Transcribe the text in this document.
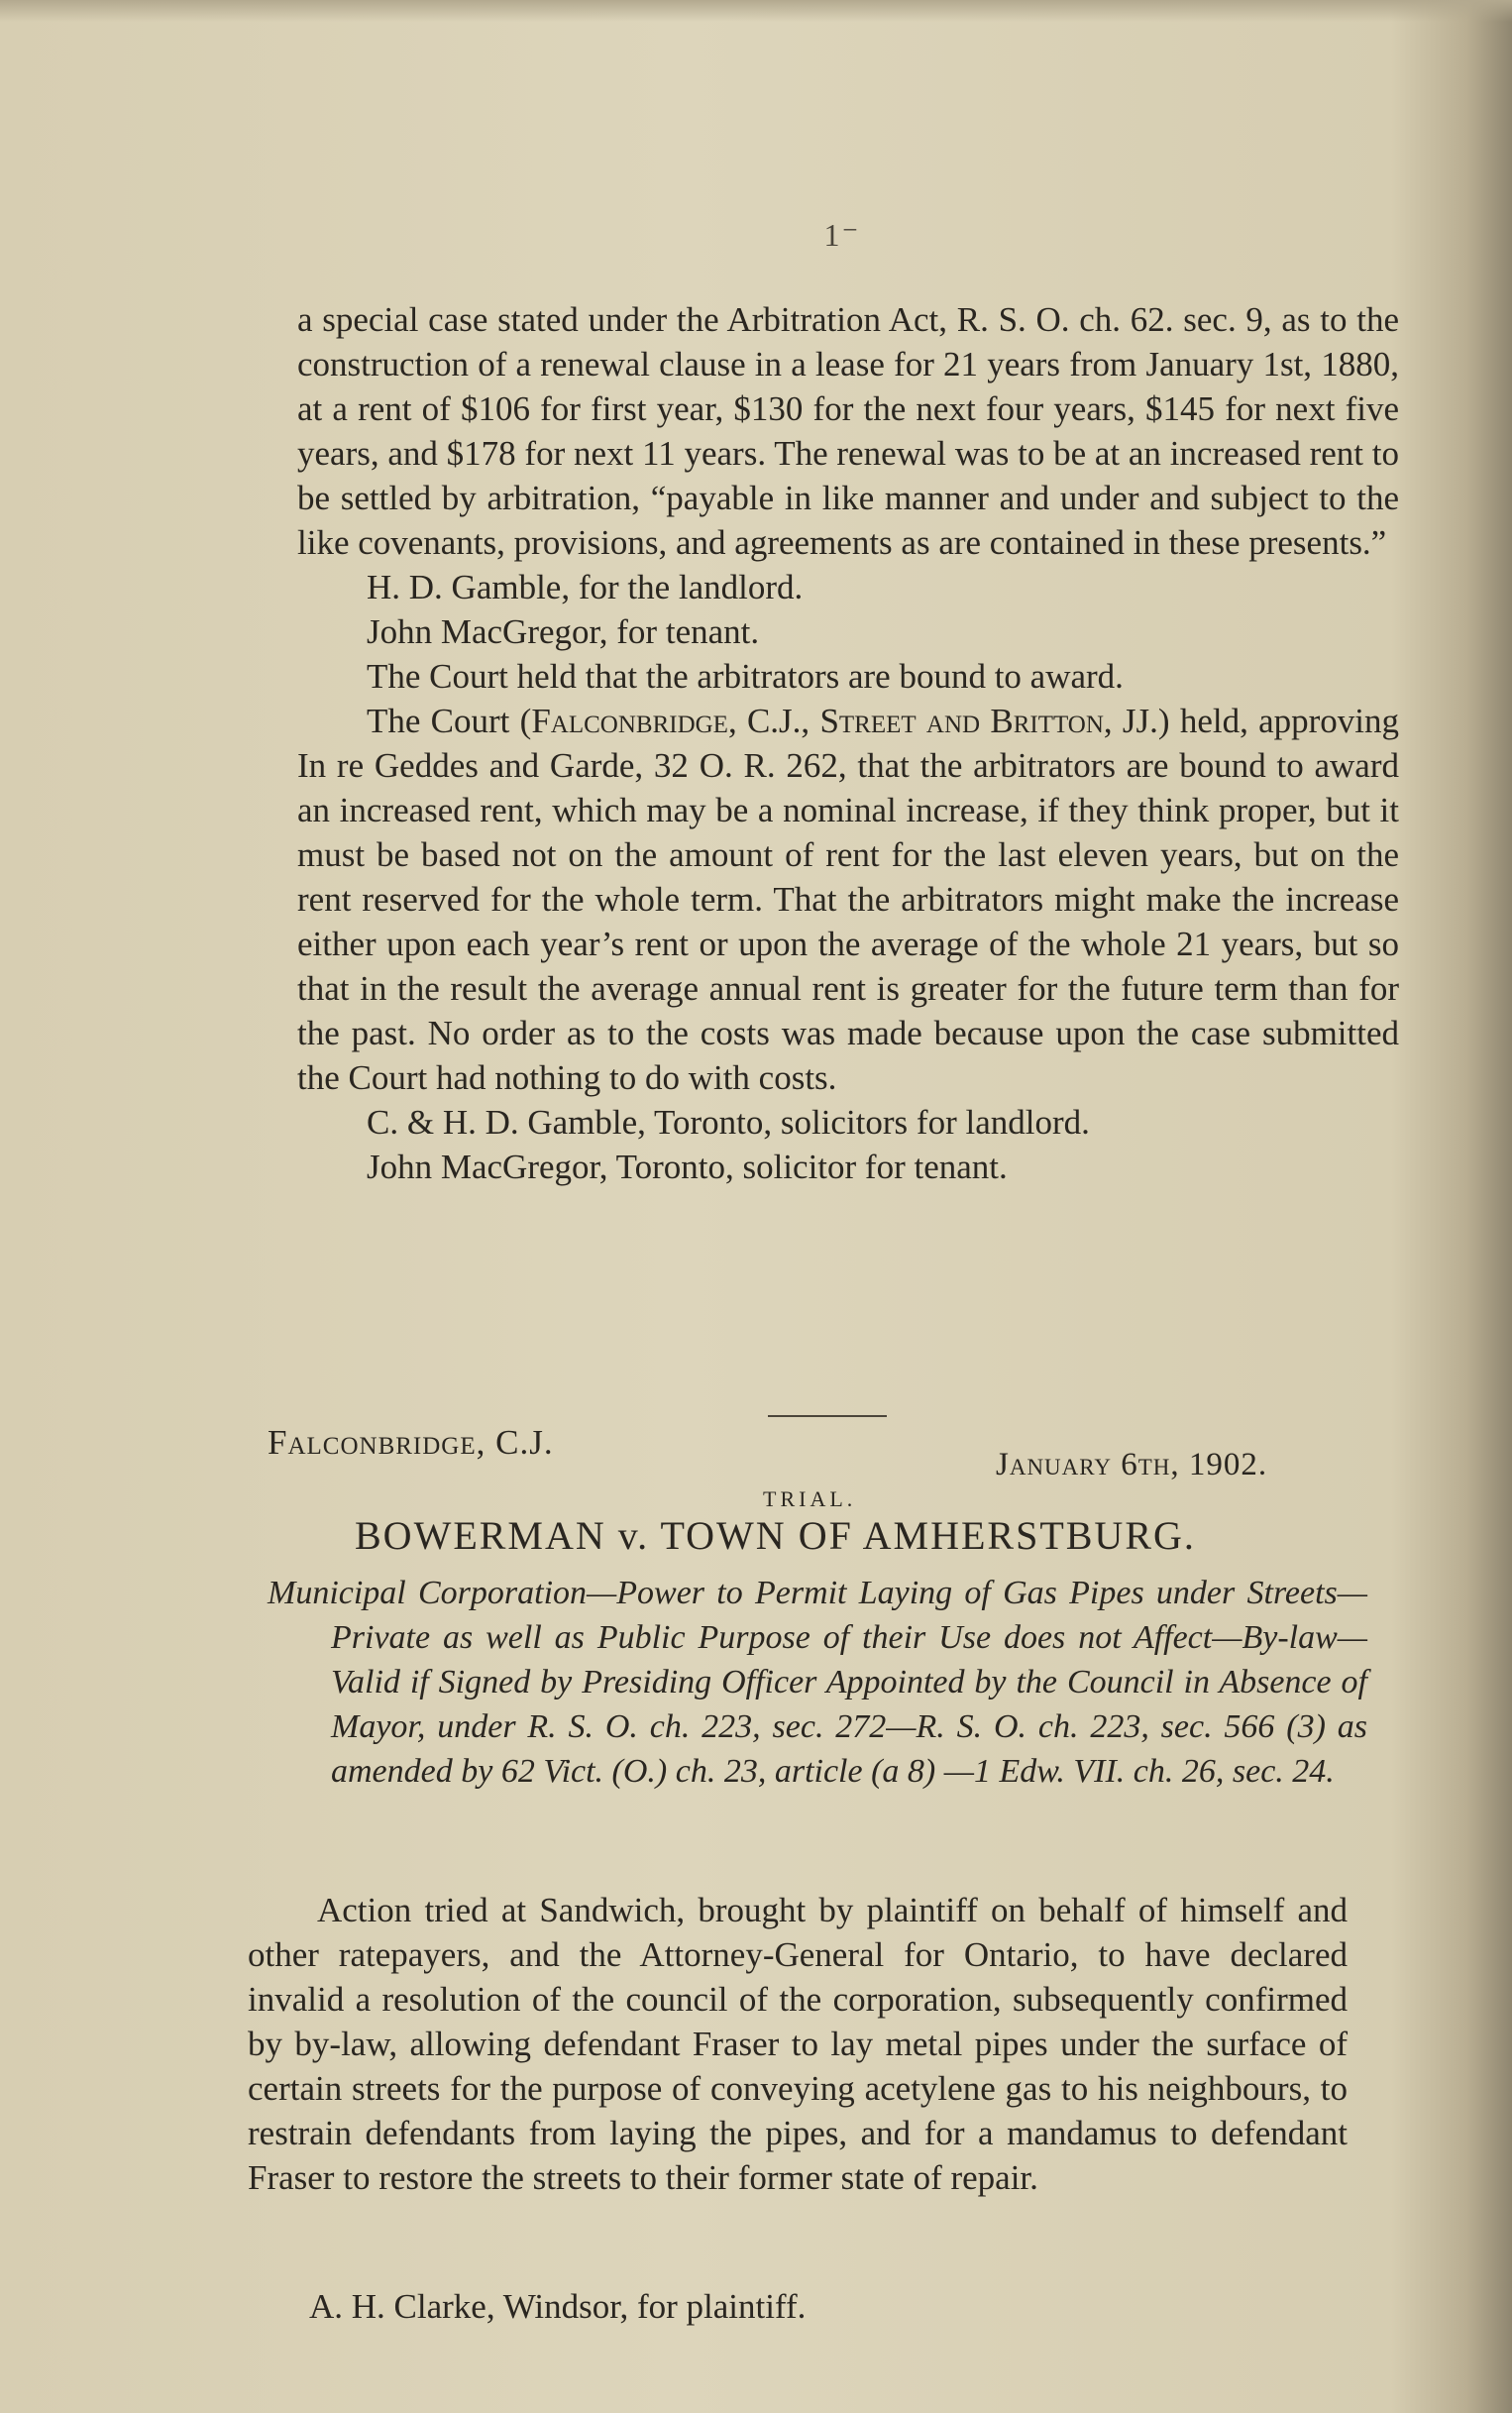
1⁻

a special case stated under the Arbitration Act, R. S. O. ch. 62. sec. 9, as to the construction of a renewal clause in a lease for 21 years from January 1st, 1880, at a rent of $106 for first year, $130 for the next four years, $145 for next five years, and $178 for next 11 years. The renewal was to be at an increased rent to be settled by arbitration, “payable in like manner and under and subject to the like covenants, provisions, and agreements as are contained in these presents.”

H. D. Gamble, for the landlord.

John MacGregor, for tenant.

The Court held that the arbitrators are bound to award.

The Court (Falconbridge, C.J., Street and Britton, JJ.) held, approving In re Geddes and Garde, 32 O. R. 262, that the arbitrators are bound to award an increased rent, which may be a nominal increase, if they think proper, but it must be based not on the amount of rent for the last eleven years, but on the rent reserved for the whole term. That the arbitrators might make the increase either upon each year’s rent or upon the average of the whole 21 years, but so that in the result the average annual rent is greater for the future term than for the past. No order as to the costs was made because upon the case submitted the Court had nothing to do with costs.

C. & H. D. Gamble, Toronto, solicitors for landlord.

John MacGregor, Toronto, solicitor for tenant.

Falconbridge, C.J.
January 6th, 1902.
TRIAL.
BOWERMAN v. TOWN OF AMHERSTBURG.
Municipal Corporation—Power to Permit Laying of Gas Pipes under Streets—Private as well as Public Purpose of their Use does not Affect—By-law—Valid if Signed by Presiding Officer Appointed by the Council in Absence of Mayor, under R. S. O. ch. 223, sec. 272—R. S. O. ch. 223, sec. 566 (3) as amended by 62 Vict. (O.) ch. 23, article (a 8) —1 Edw. VII. ch. 26, sec. 24.

Action tried at Sandwich, brought by plaintiff on behalf of himself and other ratepayers, and the Attorney-General for Ontario, to have declared invalid a resolution of the council of the corporation, subsequently confirmed by by-law, allowing defendant Fraser to lay metal pipes under the surface of certain streets for the purpose of conveying acetylene gas to his neighbours, to restrain defendants from laying the pipes, and for a mandamus to defendant Fraser to restore the streets to their former state of repair.

A. H. Clarke, Windsor, for plaintiff.
